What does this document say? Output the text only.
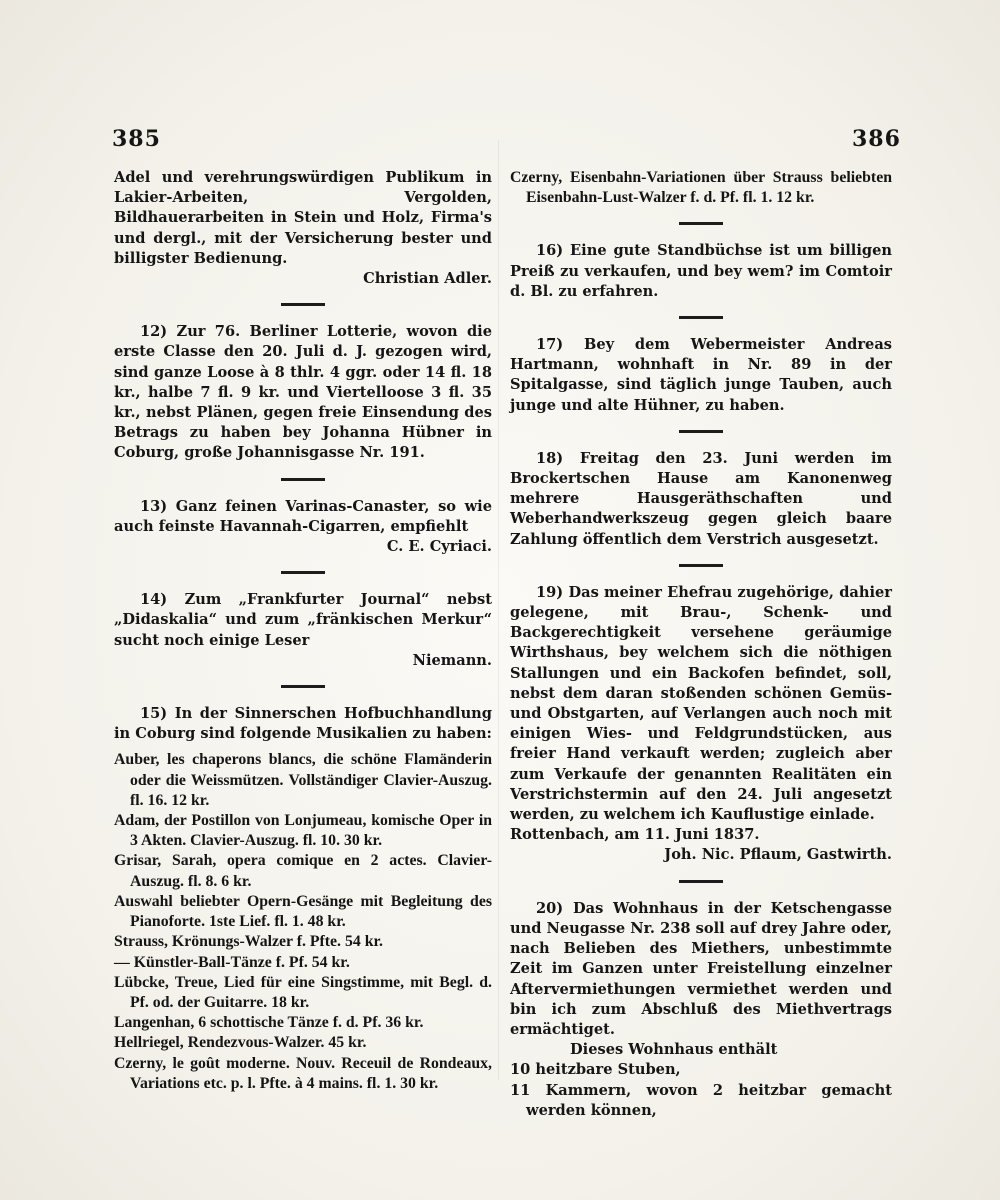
385	386

Adel und verehrungswürdigen Publikum in Lakier-Arbeiten, Vergolden, Bildhauerarbeiten in Stein und Holz, Firma's und dergl., mit der Versicherung bester und billigster Bedienung.

Christian Adler.

12) Zur 76. Berliner Lotterie, wovon die erste Classe den 20. Juli d. J. gezogen wird, sind ganze Loose à 8 thlr. 4 ggr. oder 14 fl. 18 kr., halbe 7 fl. 9 kr. und Viertelloose 3 fl. 35 kr., nebst Plänen, gegen freie Einsendung des Betrags zu haben bey Johanna Hübner in Coburg, große Johannisgasse Nr. 191.

13) Ganz feinen Varinas-Canaster, so wie auch feinste Havannah-Cigarren, empfiehlt

C. E. Cyriaci.

14) Zum „Frankfurter Journal“ nebst „Didaskalia“ und zum „fränkischen Merkur“ sucht noch einige Leser

Niemann.

15) In der Sinnerschen Hofbuchhandlung in Coburg sind folgende Musikalien zu haben:

Auber, les chaperons blancs, die schöne Flamänderin oder die Weissmützen. Vollständiger Clavier-Auszug. fl. 16. 12 kr.

Adam, der Postillon von Lonjumeau, komische Oper in 3 Akten. Clavier-Auszug. fl. 10. 30 kr.

Grisar, Sarah, opera comique en 2 actes. Clavier-Auszug. fl. 8. 6 kr.

Auswahl beliebter Opern-Gesänge mit Begleitung des Pianoforte. 1ste Lief. fl. 1. 48 kr.

Strauss, Krönungs-Walzer f. Pfte. 54 kr.

— Künstler-Ball-Tänze f. Pf. 54 kr.

Lübcke, Treue, Lied für eine Singstimme, mit Begl. d. Pf. od. der Guitarre. 18 kr.

Langenhan, 6 schottische Tänze f. d. Pf. 36 kr.

Hellriegel, Rendezvous-Walzer. 45 kr.

Czerny, le goût moderne. Nouv. Receuil de Rondeaux, Variations etc. p. l. Pfte. à 4 mains. fl. 1. 30 kr.

Czerny, Eisenbahn-Variationen über Strauss beliebten Eisenbahn-Lust-Walzer f. d. Pf. fl. 1. 12 kr.

16) Eine gute Standbüchse ist um billigen Preiß zu verkaufen, und bey wem? im Comtoir d. Bl. zu erfahren.

17) Bey dem Webermeister Andreas Hartmann, wohnhaft in Nr. 89 in der Spitalgasse, sind täglich junge Tauben, auch junge und alte Hühner, zu haben.

18) Freitag den 23. Juni werden im Brockertschen Hause am Kanonenweg mehrere Hausgeräthschaften und Weberhandwerkszeug gegen gleich baare Zahlung öffentlich dem Verstrich ausgesetzt.

19) Das meiner Ehefrau zugehörige, dahier gelegene, mit Brau-, Schenk- und Backgerechtigkeit versehene geräumige Wirthshaus, bey welchem sich die nöthigen Stallungen und ein Backofen befindet, soll, nebst dem daran stoßenden schönen Gemüs- und Obstgarten, auf Verlangen auch noch mit einigen Wies- und Feldgrundstücken, aus freier Hand verkauft werden; zugleich aber zum Verkaufe der genannten Realitäten ein Verstrichstermin auf den 24. Juli angesetzt werden, zu welchem ich Kauflustige einlade.

Rottenbach, am 11. Juni 1837.

Joh. Nic. Pflaum, Gastwirth.

20) Das Wohnhaus in der Ketschengasse und Neugasse Nr. 238 soll auf drey Jahre oder, nach Belieben des Miethers, unbestimmte Zeit im Ganzen unter Freistellung einzelner Aftervermiethungen vermiethet werden und bin ich zum Abschluß des Miethvertrags ermächtiget.

Dieses Wohnhaus enthält

10 heitzbare Stuben,

11 Kammern, wovon 2 heitzbar gemacht werden können,
